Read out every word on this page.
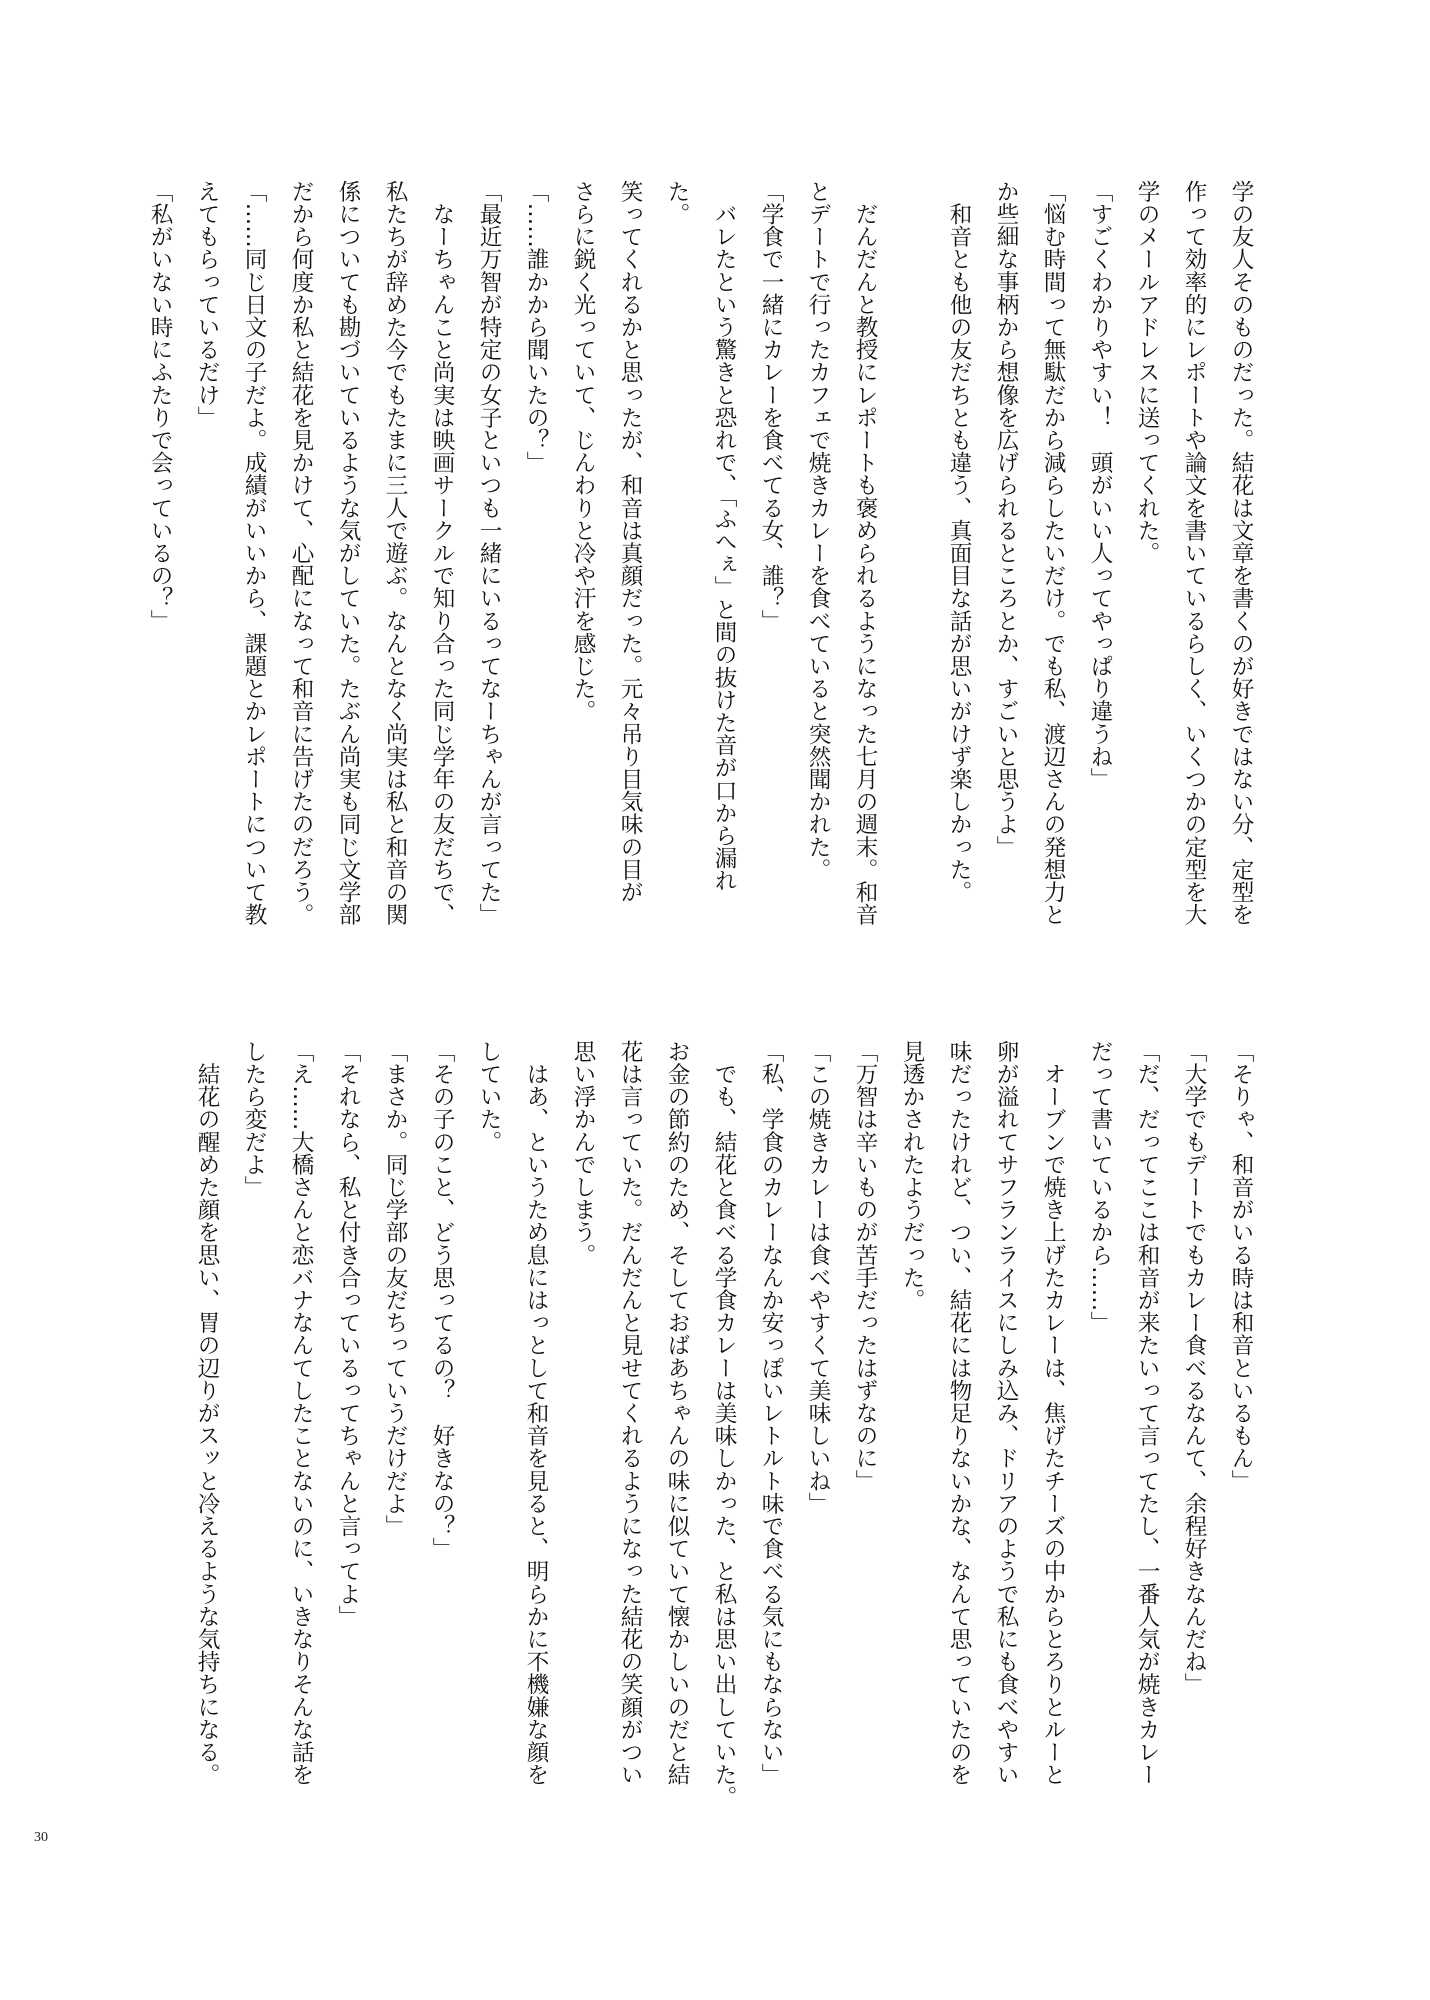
学の友人そのものだった。結花は文章を書くのが好きではない分、定型を
作って効率的にレポートや論文を書いているらしく、いくつかの定型を大
学のメールアドレスに送ってくれた。
「すごくわかりやすい！　頭がいい人ってやっぱり違うね」
「悩む時間って無駄だから減らしたいだけ。でも私、渡辺さんの発想力と
か些細な事柄から想像を広げられるところとか、すごいと思うよ」
　和音とも他の友だちとも違う、真面目な話が思いがけず楽しかった。

　だんだんと教授にレポートも褒められるようになった七月の週末。和音
とデートで行ったカフェで焼きカレーを食べていると突然聞かれた。
「学食で一緒にカレーを食べてる女、誰？」
　バレたという驚きと恐れで、「ふへぇ」と間の抜けた音が口から漏れた。
笑ってくれるかと思ったが、和音は真顔だった。元々吊り目気味の目が
さらに鋭く光っていて、じんわりと冷や汗を感じた。
「……誰かから聞いたの？」
「最近万智が特定の女子といつも一緒にいるってなーちゃんが言ってた」
　なーちゃんこと尚実は映画サークルで知り合った同じ学年の友だちで、
私たちが辞めた今でもたまに三人で遊ぶ。なんとなく尚実は私と和音の関
係についても勘づいているような気がしていた。たぶん尚実も同じ文学部
だから何度か私と結花を見かけて、心配になって和音に告げたのだろう。
「……同じ日文の子だよ。成績がいいから、課題とかレポートについて教
えてもらっているだけ」
「私がいない時にふたりで会っているの？」
「そりゃ、和音がいる時は和音といるもん」
「大学でもデートでもカレー食べるなんて、余程好きなんだね」
「だ、だってここは和音が来たいって言ってたし、一番人気が焼きカレー
だって書いているから……」
　オーブンで焼き上げたカレーは、焦げたチーズの中からとろりとルーと
卵が溢れてサフランライスにしみ込み、ドリアのようで私にも食べやすい
味だったけれど、つい、結花には物足りないかな、なんて思っていたのを
見透かされたようだった。
「万智は辛いものが苦手だったはずなのに」
「この焼きカレーは食べやすくて美味しいね」
「私、学食のカレーなんか安っぽいレトルト味で食べる気にもならない」
　でも、結花と食べる学食カレーは美味しかった、と私は思い出していた。
お金の節約のため、そしておばあちゃんの味に似ていて懐かしいのだと結
花は言っていた。だんだんと見せてくれるようになった結花の笑顔がつい
思い浮かんでしまう。
　はあ、というため息にはっとして和音を見ると、明らかに不機嫌な顔を
していた。
「その子のこと、どう思ってるの？　好きなの？」
「まさか。同じ学部の友だちっていうだけだよ」
「それなら、私と付き合っているってちゃんと言ってよ」
「え……大橋さんと恋バナなんてしたことないのに、いきなりそんな話を
したら変だよ」
　結花の醒めた顔を思い、胃の辺りがスッと冷えるような気持ちになる。
30
